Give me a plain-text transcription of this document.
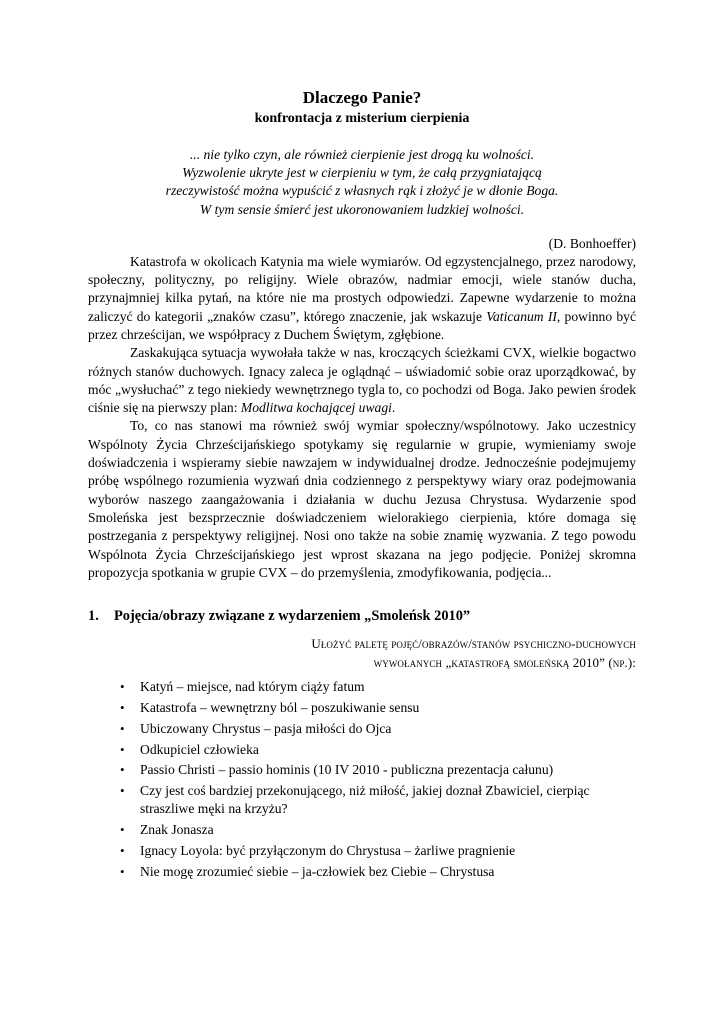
Dlaczego Panie?
konfrontacja z misterium cierpienia
... nie tylko czyn, ale również cierpienie jest drogą ku wolności.
Wyzwolenie ukryte jest w cierpieniu w tym, że całą przygniatającą
rzeczywistość można wypuścić z własnych rąk i złożyć je w dłonie Boga.
W tym sensie śmierć jest ukoronowaniem ludzkiej wolności.
(D. Bonhoeffer)

Katastrofa w okolicach Katynia ma wiele wymiarów. Od egzystencjalnego, przez narodowy, społeczny, polityczny, po religijny. Wiele obrazów, nadmiar emocji, wiele stanów ducha, przynajmniej kilka pytań, na które nie ma prostych odpowiedzi. Zapewne wydarzenie to można zaliczyć do kategorii „znaków czasu”, którego znaczenie, jak wskazuje Vaticanum II, powinno być przez chrześcijan, we współpracy z Duchem Świętym, zgłębione.

Zaskakująca sytuacja wywołała także w nas, kroczących ścieżkami CVX, wielkie bogactwo różnych stanów duchowych. Ignacy zaleca je oglądnąć – uświadomić sobie oraz uporządkować, by móc „wysłuchać” z tego niekiedy wewnętrznego tygla to, co pochodzi od Boga. Jako pewien środek ciśnie się na pierwszy plan: Modlitwa kochającej uwagi.

To, co nas stanowi ma również swój wymiar społeczny/wspólnotowy. Jako uczestnicy Wspólnoty Życia Chrześcijańskiego spotykamy się regularnie w grupie, wymieniamy swoje doświadczenia i wspieramy siebie nawzajem w indywidualnej drodze. Jednocześnie podejmujemy próbę wspólnego rozumienia wyzwań dnia codziennego z perspektywy wiary oraz podejmowania wyborów naszego zaangażowania i działania w duchu Jezusa Chrystusa. Wydarzenie spod Smoleńska jest bezsprzecznie doświadczeniem wielorakiego cierpienia, które domaga się postrzegania z perspektywy religijnej. Nosi ono także na sobie znamię wyzwania. Z tego powodu Wspólnota Życia Chrześcijańskiego jest wprost skazana na jego podjęcie. Poniżej skromna propozycja spotkania w grupie CVX – do przemyślenia, zmodyfikowania, podjęcia...

1. Pojęcia/obrazy związane z wydarzeniem „Smoleńsk 2010”
Ułożyć paletę pojęć/obrazów/stanów psychiczno-duchowych
wywołanych „katastrofą smoleńską 2010” (np.):
• Katyń – miejsce, nad którym ciąży fatum
• Katastrofa – wewnętrzny ból – poszukiwanie sensu
• Ubiczowany Chrystus – pasja miłości do Ojca
• Odkupiciel człowieka
• Passio Christi – passio hominis (10 IV 2010 - publiczna prezentacja całunu)
• Czy jest coś bardziej przekonującego, niż miłość, jakiej doznał Zbawiciel, cierpiąc straszliwe męki na krzyżu?
• Znak Jonasza
• Ignacy Loyola: być przyłączonym do Chrystusa – żarliwe pragnienie
• Nie mogę zrozumieć siebie – ja-człowiek bez Ciebie – Chrystusa
